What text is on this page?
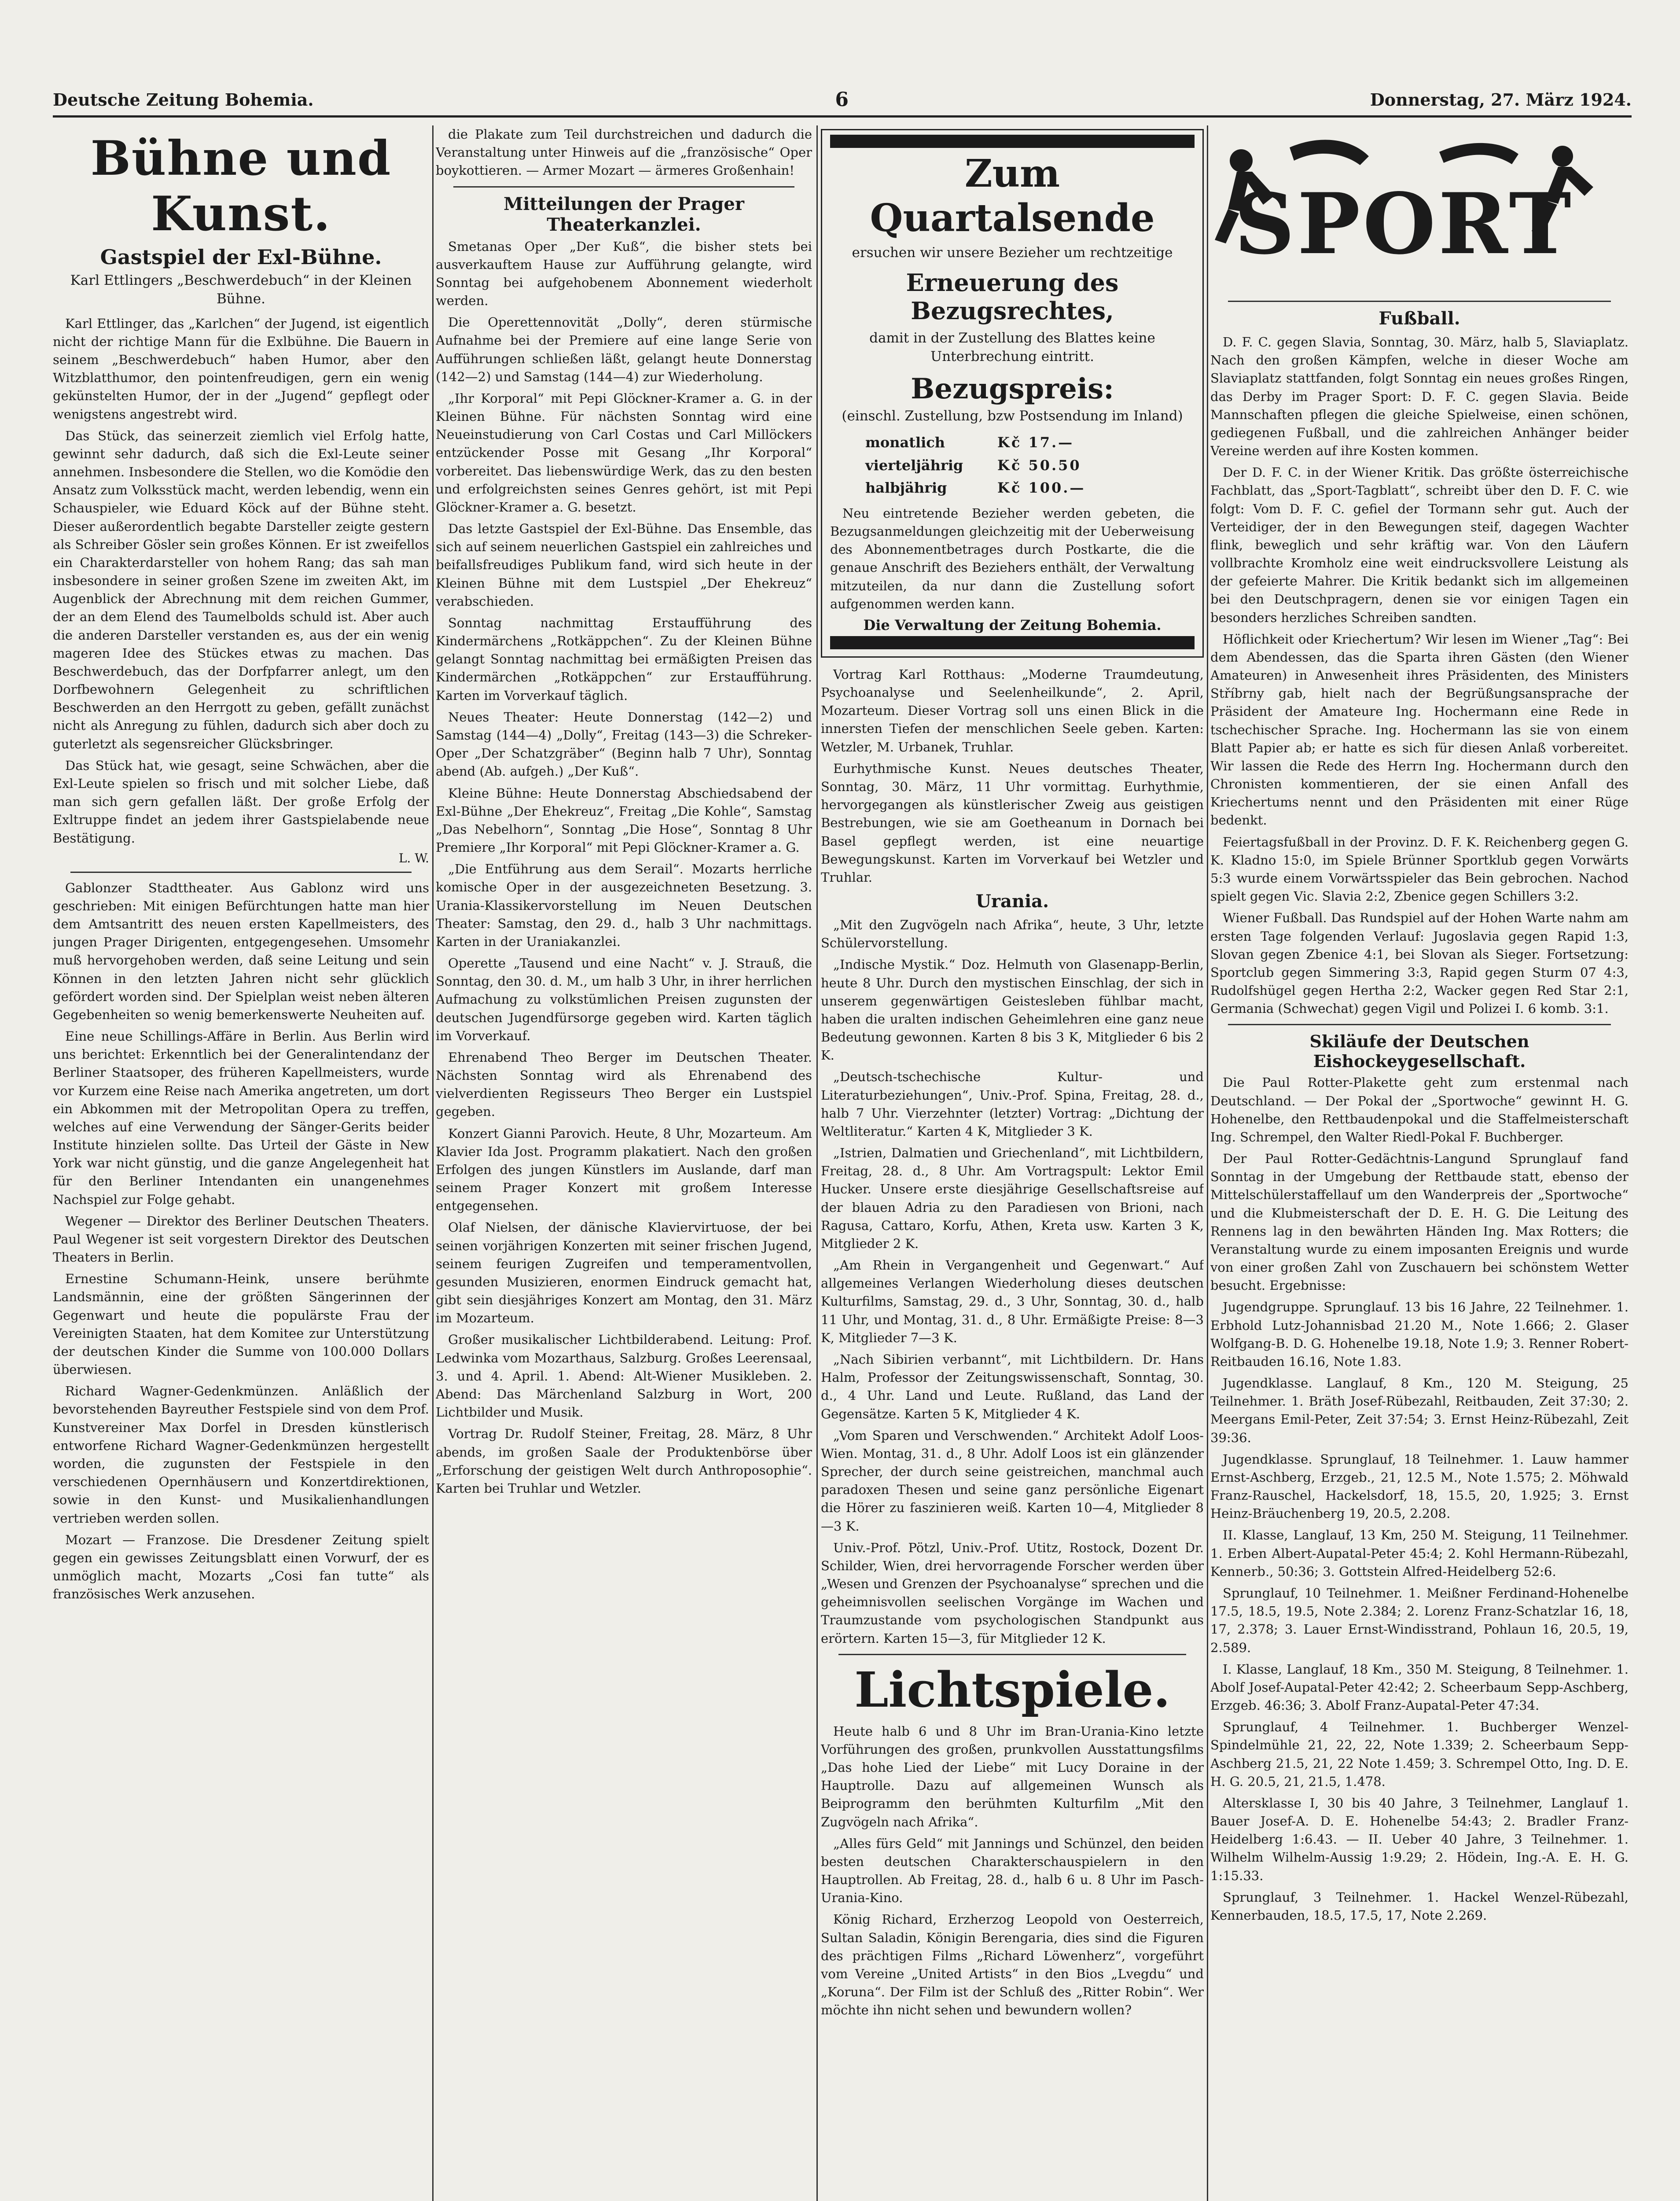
Deutsche Zeitung Bohemia.	6	Donnerstag, 27. März 1924.
Bühne und Kunst.
Gastspiel der Exl-Bühne.
Karl Ettlingers „Beschwerdebuch“ in der Kleinen Bühne.

Karl Ettlinger, das „Karlchen“ der Jugend, ist eigentlich nicht der richtige Mann für die Exlbühne. Die Bauern in seinem „Beschwerdebuch“ haben Humor, aber den Witzblatthumor, den pointenfreudigen, gern ein wenig gekünstelten Humor, der in der „Jugend“ gepflegt oder wenigstens angestrebt wird.

Das Stück, das seinerzeit ziemlich viel Erfolg hatte, gewinnt sehr dadurch, daß sich die Exl-Leute seiner annehmen. Insbesondere die Stellen, wo die Komödie den Ansatz zum Volksstück macht, werden lebendig, wenn ein Schauspieler, wie Eduard Köck auf der Bühne steht. Dieser außerordentlich begabte Darsteller zeigte gestern als Schreiber Gösler sein großes Können. Er ist zweifellos ein Charakterdarsteller von hohem Rang; das sah man insbesondere in seiner großen Szene im zweiten Akt, im Augenblick der Abrechnung mit dem reichen Gummer, der an dem Elend des Taumelbolds schuld ist. Aber auch die anderen Darsteller verstanden es, aus der ein wenig mageren Idee des Stückes etwas zu machen. Das Beschwerdebuch, das der Dorfpfarrer anlegt, um den Dorfbewohnern Gelegenheit zu schriftlichen Beschwerden an den Herrgott zu geben, gefällt zunächst nicht als Anregung zu fühlen, dadurch sich aber doch zu guterletzt als segensreicher Glücksbringer.

Das Stück hat, wie gesagt, seine Schwächen, aber die Exl-Leute spielen so frisch und mit solcher Liebe, daß man sich gern gefallen läßt. Der große Erfolg der Exltruppe findet an jedem ihrer Gastspielabende neue Bestätigung.

L. W.

Gablonzer Stadttheater. Aus Gablonz wird uns geschrieben: Mit einigen Befürchtungen hatte man hier dem Amtsantritt des neuen ersten Kapellmeisters, des jungen Prager Dirigenten, entgegengesehen. Umsomehr muß hervorgehoben werden, daß seine Leitung und sein Können in den letzten Jahren nicht sehr glücklich gefördert worden sind. Der Spielplan weist neben älteren Gegebenheiten so wenig bemerkenswerte Neuheiten auf.

Eine neue Schillings-Affäre in Berlin. Aus Berlin wird uns berichtet: Erkenntlich bei der Generalintendanz der Berliner Staatsoper, des früheren Kapellmeisters, wurde vor Kurzem eine Reise nach Amerika angetreten, um dort ein Abkommen mit der Metropolitan Opera zu treffen, welches auf eine Verwendung der Sänger-Gerits beider Institute hinzielen sollte. Das Urteil der Gäste in New York war nicht günstig, und die ganze Angelegenheit hat für den Berliner Intendanten ein unangenehmes Nachspiel zur Folge gehabt.

Wegener — Direktor des Berliner Deutschen Theaters. Paul Wegener ist seit vorgestern Direktor des Deutschen Theaters in Berlin.

Ernestine Schumann-Heink, unsere berühmte Landsmännin, eine der größten Sängerinnen der Gegenwart und heute die populärste Frau der Vereinigten Staaten, hat dem Komitee zur Unterstützung der deutschen Kinder die Summe von 100.000 Dollars überwiesen.

Richard Wagner-Gedenkmünzen. Anläßlich der bevorstehenden Bayreuther Festspiele sind von dem Prof. Kunstvereiner Max Dorfel in Dresden künstlerisch entworfene Richard Wagner-Gedenkmünzen hergestellt worden, die zugunsten der Festspiele in den verschiedenen Opernhäusern und Konzertdirektionen, sowie in den Kunst- und Musikalienhandlungen vertrieben werden sollen.

Mozart — Franzose. Die Dresdener Zeitung spielt gegen ein gewisses Zeitungsblatt einen Vorwurf, der es unmöglich macht, Mozarts „Cosi fan tutte“ als französisches Werk anzusehen.

die Plakate zum Teil durchstreichen und dadurch die Veranstaltung unter Hinweis auf die „französische“ Oper boykottieren. — Armer Mozart — ärmeres Großenhain!

Mitteilungen der Prager Theaterkanzlei.

Smetanas Oper „Der Kuß“, die bisher stets bei ausverkauftem Hause zur Aufführung gelangte, wird Sonntag bei aufgehobenem Abonnement wiederholt werden.

Die Operettennovität „Dolly“, deren stürmische Aufnahme bei der Premiere auf eine lange Serie von Aufführungen schließen läßt, gelangt heute Donnerstag (142—2) und Samstag (144—4) zur Wiederholung.

„Ihr Korporal“ mit Pepi Glöckner-Kramer a. G. in der Kleinen Bühne. Für nächsten Sonntag wird eine Neueinstudierung von Carl Costas und Carl Millöckers entzückender Posse mit Gesang „Ihr Korporal“ vorbereitet. Das liebenswürdige Werk, das zu den besten und erfolgreichsten seines Genres gehört, ist mit Pepi Glöckner-Kramer a. G. besetzt.

Das letzte Gastspiel der Exl-Bühne. Das Ensemble, das sich auf seinem neuerlichen Gastspiel ein zahlreiches und beifallsfreudiges Publikum fand, wird sich heute in der Kleinen Bühne mit dem Lustspiel „Der Ehekreuz“ verabschieden.

Sonntag nachmittag Erstaufführung des Kindermärchens „Rotkäppchen“. Zu der Kleinen Bühne gelangt Sonntag nachmittag bei ermäßigten Preisen das Kindermärchen „Rotkäppchen“ zur Erstaufführung. Karten im Vorverkauf täglich.

Neues Theater: Heute Donnerstag (142—2) und Samstag (144—4) „Dolly“, Freitag (143—3) die Schreker-Oper „Der Schatzgräber“ (Beginn halb 7 Uhr), Sonntag abend (Ab. aufgeh.) „Der Kuß“.

Kleine Bühne: Heute Donnerstag Abschiedsabend der Exl-Bühne „Der Ehekreuz“, Freitag „Die Kohle“, Samstag „Das Nebelhorn“, Sonntag „Die Hose“, Sonntag 8 Uhr Premiere „Ihr Korporal“ mit Pepi Glöckner-Kramer a. G.

„Die Entführung aus dem Serail“. Mozarts herrliche komische Oper in der ausgezeichneten Besetzung. 3. Urania-Klassikervorstellung im Neuen Deutschen Theater: Samstag, den 29. d., halb 3 Uhr nachmittags. Karten in der Uraniakanzlei.

Operette „Tausend und eine Nacht“ v. J. Strauß, die Sonntag, den 30. d. M., um halb 3 Uhr, in ihrer herrlichen Aufmachung zu volkstümlichen Preisen zugunsten der deutschen Jugendfürsorge gegeben wird. Karten täglich im Vorverkauf.

Ehrenabend Theo Berger im Deutschen Theater. Nächsten Sonntag wird als Ehrenabend des vielverdienten Regisseurs Theo Berger ein Lustspiel gegeben.

Konzert Gianni Parovich. Heute, 8 Uhr, Mozarteum. Am Klavier Ida Jost. Programm plakatiert. Nach den großen Erfolgen des jungen Künstlers im Auslande, darf man seinem Prager Konzert mit großem Interesse entgegensehen.

Olaf Nielsen, der dänische Klaviervirtuose, der bei seinen vorjährigen Konzerten mit seiner frischen Jugend, seinem feurigen Zugreifen und temperamentvollen, gesunden Musizieren, enormen Eindruck gemacht hat, gibt sein diesjähriges Konzert am Montag, den 31. März im Mozarteum.

Großer musikalischer Lichtbilderabend. Leitung: Prof. Ledwinka vom Mozarthaus, Salzburg. Großes Leerensaal, 3. und 4. April. 1. Abend: Alt-Wiener Musikleben. 2. Abend: Das Märchenland Salzburg in Wort, 200 Lichtbilder und Musik.

Vortrag Dr. Rudolf Steiner, Freitag, 28. März, 8 Uhr abends, im großen Saale der Produktenbörse über „Erforschung der geistigen Welt durch Anthroposophie“. Karten bei Truhlar und Wetzler.

Zum Quartalsende
ersuchen wir unsere Bezieher um rechtzeitige
Erneuerung des Bezugsrechtes,
damit in der Zustellung des Blattes keine Unterbrechung eintritt.
Bezugspreis:
(einschl. Zustellung, bzw Postsendung im Inland)
monatlich	Kč 17.—
vierteljährig	Kč 50.50
halbjährig	Kč 100.—

Neu eintretende Bezieher werden gebeten, die Bezugsanmeldungen gleichzeitig mit der Ueberweisung des Abonnementbetrages durch Postkarte, die die genaue Anschrift des Beziehers enthält, der Verwaltung mitzuteilen, da nur dann die Zustellung sofort aufgenommen werden kann.

Die Verwaltung der Zeitung Bohemia.

Vortrag Karl Rotthaus: „Moderne Traumdeutung, Psychoanalyse und Seelenheilkunde“, 2. April, Mozarteum. Dieser Vortrag soll uns einen Blick in die innersten Tiefen der menschlichen Seele geben. Karten: Wetzler, M. Urbanek, Truhlar.

Eurhythmische Kunst. Neues deutsches Theater, Sonntag, 30. März, 11 Uhr vormittag. Eurhythmie, hervorgegangen als künstlerischer Zweig aus geistigen Bestrebungen, wie sie am Goetheanum in Dornach bei Basel gepflegt werden, ist eine neuartige Bewegungskunst. Karten im Vorverkauf bei Wetzler und Truhlar.

Urania.

„Mit den Zugvögeln nach Afrika“, heute, 3 Uhr, letzte Schülervorstellung.

„Indische Mystik.“ Doz. Helmuth von Glasenapp-Berlin, heute 8 Uhr. Durch den mystischen Einschlag, der sich in unserem gegenwärtigen Geistesleben fühlbar macht, haben die uralten indischen Geheimlehren eine ganz neue Bedeutung gewonnen. Karten 8 bis 3 K, Mitglieder 6 bis 2 K.

„Deutsch-tschechische Kultur- und Literaturbeziehungen“, Univ.-Prof. Spina, Freitag, 28. d., halb 7 Uhr. Vierzehnter (letzter) Vortrag: „Dichtung der Weltliteratur.“ Karten 4 K, Mitglieder 3 K.

„Istrien, Dalmatien und Griechenland“, mit Lichtbildern, Freitag, 28. d., 8 Uhr. Am Vortragspult: Lektor Emil Hucker. Unsere erste diesjährige Gesellschaftsreise auf der blauen Adria zu den Paradiesen von Brioni, nach Ragusa, Cattaro, Korfu, Athen, Kreta usw. Karten 3 K, Mitglieder 2 K.

„Am Rhein in Vergangenheit und Gegenwart.“ Auf allgemeines Verlangen Wiederholung dieses deutschen Kulturfilms, Samstag, 29. d., 3 Uhr, Sonntag, 30. d., halb 11 Uhr, und Montag, 31. d., 8 Uhr. Ermäßigte Preise: 8—3 K, Mitglieder 7—3 K.

„Nach Sibirien verbannt“, mit Lichtbildern. Dr. Hans Halm, Professor der Zeitungswissenschaft, Sonntag, 30. d., 4 Uhr. Land und Leute. Rußland, das Land der Gegensätze. Karten 5 K, Mitglieder 4 K.

„Vom Sparen und Verschwenden.“ Architekt Adolf Loos-Wien. Montag, 31. d., 8 Uhr. Adolf Loos ist ein glänzender Sprecher, der durch seine geistreichen, manchmal auch paradoxen Thesen und seine ganz persönliche Eigenart die Hörer zu faszinieren weiß. Karten 10—4, Mitglieder 8—3 K.

Univ.-Prof. Pötzl, Univ.-Prof. Utitz, Rostock, Dozent Dr. Schilder, Wien, drei hervorragende Forscher werden über „Wesen und Grenzen der Psychoanalyse“ sprechen und die geheimnisvollen seelischen Vorgänge im Wachen und Traumzustande vom psychologischen Standpunkt aus erörtern. Karten 15—3, für Mitglieder 12 K.

Lichtspiele.

Heute halb 6 und 8 Uhr im Bran-Urania-Kino letzte Vorführungen des großen, prunkvollen Ausstattungsfilms „Das hohe Lied der Liebe“ mit Lucy Doraine in der Hauptrolle. Dazu auf allgemeinen Wunsch als Beiprogramm den berühmten Kulturfilm „Mit den Zugvögeln nach Afrika“.

„Alles fürs Geld“ mit Jannings und Schünzel, den beiden besten deutschen Charakterschauspielern in den Hauptrollen. Ab Freitag, 28. d., halb 6 u. 8 Uhr im Pasch-Urania-Kino.

König Richard, Erzherzog Leopold von Oesterreich, Sultan Saladin, Königin Berengaria, dies sind die Figuren des prächtigen Films „Richard Löwenherz“, vorgeführt vom Vereine „United Artists“ in den Bios „Lvegdu“ und „Koruna“. Der Film ist der Schluß des „Ritter Robin“. Wer möchte ihn nicht sehen und bewundern wollen?

SPORT
Fußball.

D. F. C. gegen Slavia, Sonntag, 30. März, halb 5, Slaviaplatz. Nach den großen Kämpfen, welche in dieser Woche am Slaviaplatz stattfanden, folgt Sonntag ein neues großes Ringen, das Derby im Prager Sport: D. F. C. gegen Slavia. Beide Mannschaften pflegen die gleiche Spielweise, einen schönen, gediegenen Fußball, und die zahlreichen Anhänger beider Vereine werden auf ihre Kosten kommen.

Der D. F. C. in der Wiener Kritik. Das größte österreichische Fachblatt, das „Sport-Tagblatt“, schreibt über den D. F. C. wie folgt: Vom D. F. C. gefiel der Tormann sehr gut. Auch der Verteidiger, der in den Bewegungen steif, dagegen Wachter flink, beweglich und sehr kräftig war. Von den Läufern vollbrachte Kromholz eine weit eindrucksvollere Leistung als der gefeierte Mahrer. Die Kritik bedankt sich im allgemeinen bei den Deutschpragern, denen sie vor einigen Tagen ein besonders herzliches Schreiben sandten.

Höflichkeit oder Kriechertum? Wir lesen im Wiener „Tag“: Bei dem Abendessen, das die Sparta ihren Gästen (den Wiener Amateuren) in Anwesenheit ihres Präsidenten, des Ministers Stříbrny gab, hielt nach der Begrüßungsansprache der Präsident der Amateure Ing. Hochermann eine Rede in tschechischer Sprache. Ing. Hochermann las sie von einem Blatt Papier ab; er hatte es sich für diesen Anlaß vorbereitet. Wir lassen die Rede des Herrn Ing. Hochermann durch den Chronisten kommentieren, der sie einen Anfall des Kriechertums nennt und den Präsidenten mit einer Rüge bedenkt.

Feiertagsfußball in der Provinz. D. F. K. Reichenberg gegen G. K. Kladno 15:0, im Spiele Brünner Sportklub gegen Vorwärts 5:3 wurde einem Vorwärtsspieler das Bein gebrochen. Nachod spielt gegen Vic. Slavia 2:2, Zbenice gegen Schillers 3:2.

Wiener Fußball. Das Rundspiel auf der Hohen Warte nahm am ersten Tage folgenden Verlauf: Jugoslavia gegen Rapid 1:3, Slovan gegen Zbenice 4:1, bei Slovan als Sieger. Fortsetzung: Sportclub gegen Simmering 3:3, Rapid gegen Sturm 07 4:3, Rudolfshügel gegen Hertha 2:2, Wacker gegen Red Star 2:1, Germania (Schwechat) gegen Vigil und Polizei I. 6 komb. 3:1.

Skiläufe der Deutschen Eishockeygesellschaft.

Die Paul Rotter-Plakette geht zum erstenmal nach Deutschland. — Der Pokal der „Sportwoche“ gewinnt H. G. Hohenelbe, den Rettbaudenpokal und die Staffelmeisterschaft Ing. Schrempel, den Walter Riedl-Pokal F. Buchberger.

Der Paul Rotter-Gedächtnis-Langund Sprunglauf fand Sonntag in der Umgebung der Rettbaude statt, ebenso der Mittelschülerstaffellauf um den Wanderpreis der „Sportwoche“ und die Klubmeisterschaft der D. E. H. G. Die Leitung des Rennens lag in den bewährten Händen Ing. Max Rotters; die Veranstaltung wurde zu einem imposanten Ereignis und wurde von einer großen Zahl von Zuschauern bei schönstem Wetter besucht. Ergebnisse:

Jugendgruppe. Sprunglauf. 13 bis 16 Jahre, 22 Teilnehmer. 1. Erbhold Lutz-Johannisbad 21.20 M., Note 1.666; 2. Glaser Wolfgang-B. D. G. Hohenelbe 19.18, Note 1.9; 3. Renner Robert-Reitbauden 16.16, Note 1.83.

Jugendklasse. Langlauf, 8 Km., 120 M. Steigung, 25 Teilnehmer. 1. Bräth Josef-Rübezahl, Reitbauden, Zeit 37:30; 2. Meergans Emil-Peter, Zeit 37:54; 3. Ernst Heinz-Rübezahl, Zeit 39:36.

Jugendklasse. Sprunglauf, 18 Teilnehmer. 1. Lauw hammer Ernst-Aschberg, Erzgeb., 21, 12.5 M., Note 1.575; 2. Möhwald Franz-Rauschel, Hackelsdorf, 18, 15.5, 20, 1.925; 3. Ernst Heinz-Bräuchenberg 19, 20.5, 2.208.

II. Klasse, Langlauf, 13 Km, 250 M. Steigung, 11 Teilnehmer. 1. Erben Albert-Aupatal-Peter 45:4; 2. Kohl Hermann-Rübezahl, Kennerb., 50:36; 3. Gottstein Alfred-Heidelberg 52:6.

Sprunglauf, 10 Teilnehmer. 1. Meißner Ferdinand-Hohenelbe 17.5, 18.5, 19.5, Note 2.384; 2. Lorenz Franz-Schatzlar 16, 18, 17, 2.378; 3. Lauer Ernst-Windisstrand, Pohlaun 16, 20.5, 19, 2.589.

I. Klasse, Langlauf, 18 Km., 350 M. Steigung, 8 Teilnehmer. 1. Abolf Josef-Aupatal-Peter 42:42; 2. Scheerbaum Sepp-Aschberg, Erzgeb. 46:36; 3. Abolf Franz-Aupatal-Peter 47:34.

Sprunglauf, 4 Teilnehmer. 1. Buchberger Wenzel-Spindelmühle 21, 22, 22, Note 1.339; 2. Scheerbaum Sepp-Aschberg 21.5, 21, 22 Note 1.459; 3. Schrempel Otto, Ing. D. E. H. G. 20.5, 21, 21.5, 1.478.

Altersklasse I, 30 bis 40 Jahre, 3 Teilnehmer, Langlauf 1. Bauer Josef-A. D. E. Hohenelbe 54:43; 2. Bradler Franz-Heidelberg 1:6.43. — II. Ueber 40 Jahre, 3 Teilnehmer. 1. Wilhelm Wilhelm-Aussig 1:9.29; 2. Hödein, Ing.-A. E. H. G. 1:15.33.

Sprunglauf, 3 Teilnehmer. 1. Hackel Wenzel-Rübezahl, Kennerbauden, 18.5, 17.5, 17, Note 2.269.
